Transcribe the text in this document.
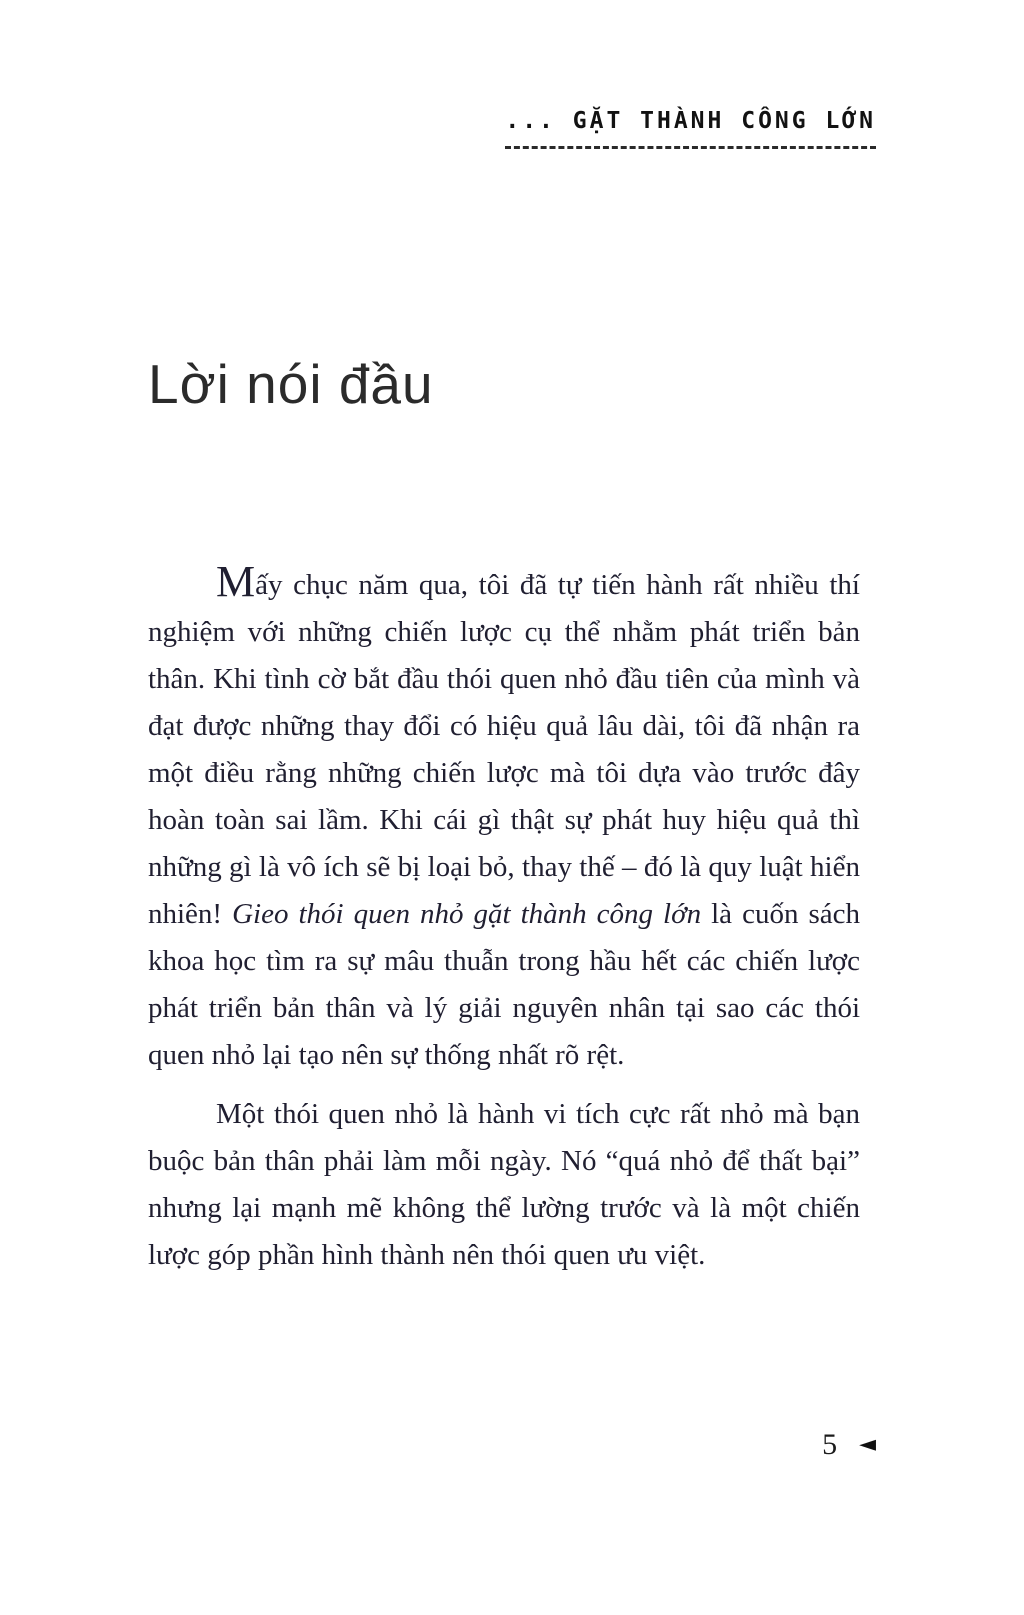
... GẶT THÀNH CÔNG LỚN
Lời nói đầu

Mấy chục năm qua, tôi đã tự tiến hành rất nhiều thí nghiệm với những chiến lược cụ thể nhằm phát triển bản thân. Khi tình cờ bắt đầu thói quen nhỏ đầu tiên của mình và đạt được những thay đổi có hiệu quả lâu dài, tôi đã nhận ra một điều rằng những chiến lược mà tôi dựa vào trước đây hoàn toàn sai lầm. Khi cái gì thật sự phát huy hiệu quả thì những gì là vô ích sẽ bị loại bỏ, thay thế – đó là quy luật hiển nhiên! Gieo thói quen nhỏ gặt thành công lớn là cuốn sách khoa học tìm ra sự mâu thuẫn trong hầu hết các chiến lược phát triển bản thân và lý giải nguyên nhân tại sao các thói quen nhỏ lại tạo nên sự thống nhất rõ rệt.

Một thói quen nhỏ là hành vi tích cực rất nhỏ mà bạn buộc bản thân phải làm mỗi ngày. Nó “quá nhỏ để thất bại” nhưng lại mạnh mẽ không thể lường trước và là một chiến lược góp phần hình thành nên thói quen ưu việt.

5 ◄
